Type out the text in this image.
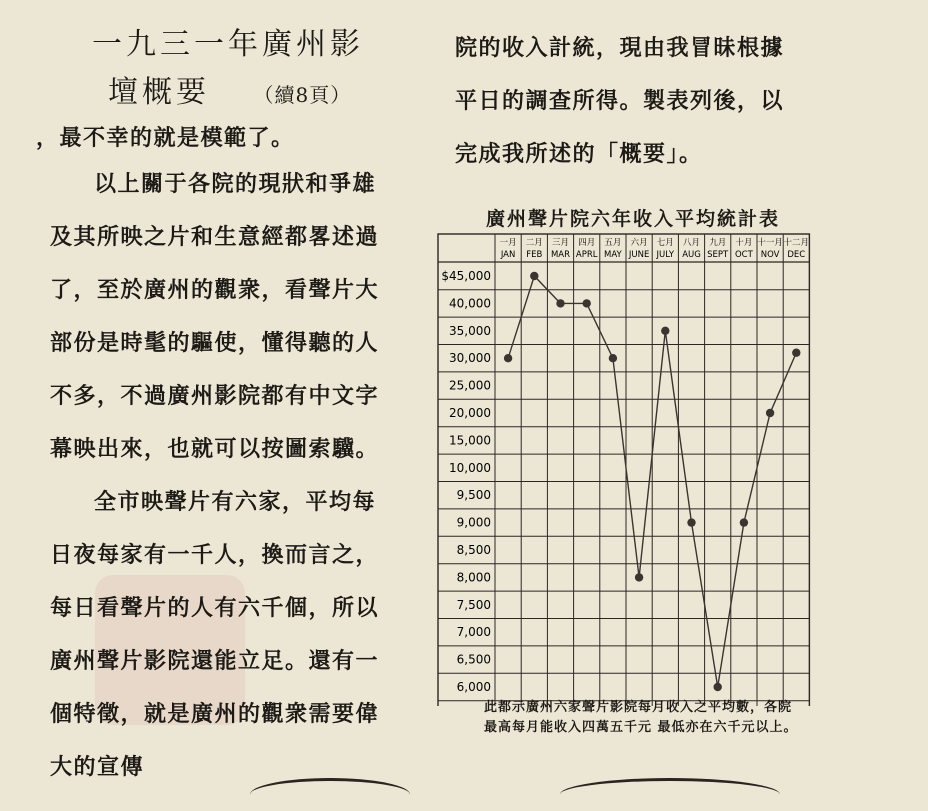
一九三一年廣州影
壇概要 （續8頁）
，最不幸的就是模範了。
以上關于各院的現狀和爭雄
及其所映之片和生意經都畧述過
了，至於廣州的觀衆，看聲片大
部份是時髦的驅使，懂得聽的人
不多，不過廣州影院都有中文字
幕映出來，也就可以按圖索驥。
全市映聲片有六家，平均每
日夜每家有一千人，換而言之，
每日看聲片的人有六千個，所以
廣州聲片影院還能立足。還有一
個特徵，就是廣州的觀衆需要偉
大的宣傳
院的收入計統，現由我冒昧根據
平日的調查所得。製表列後，以
完成我所述的「概要」。
廣州聲片院六年收入平均統計表
一月
JAN
二月
FEB
三月
MAR
四月
APRL
五月
MAY
六月
JUNE
七月
JULY
八月
AUG
九月
SEPT
十月
OCT
十一月
NOV
十二月
DEC
$45,000
40,000
35,000
30,000
25,000
20,000
15,000
10,000
9,500
9,000
8,500
8,000
7,500
7,000
6,500
6,000
此都示廣州六家聲片影院每月收入之平均數，各院最高每月能收入四萬五千元 最低亦在六千元以上。
